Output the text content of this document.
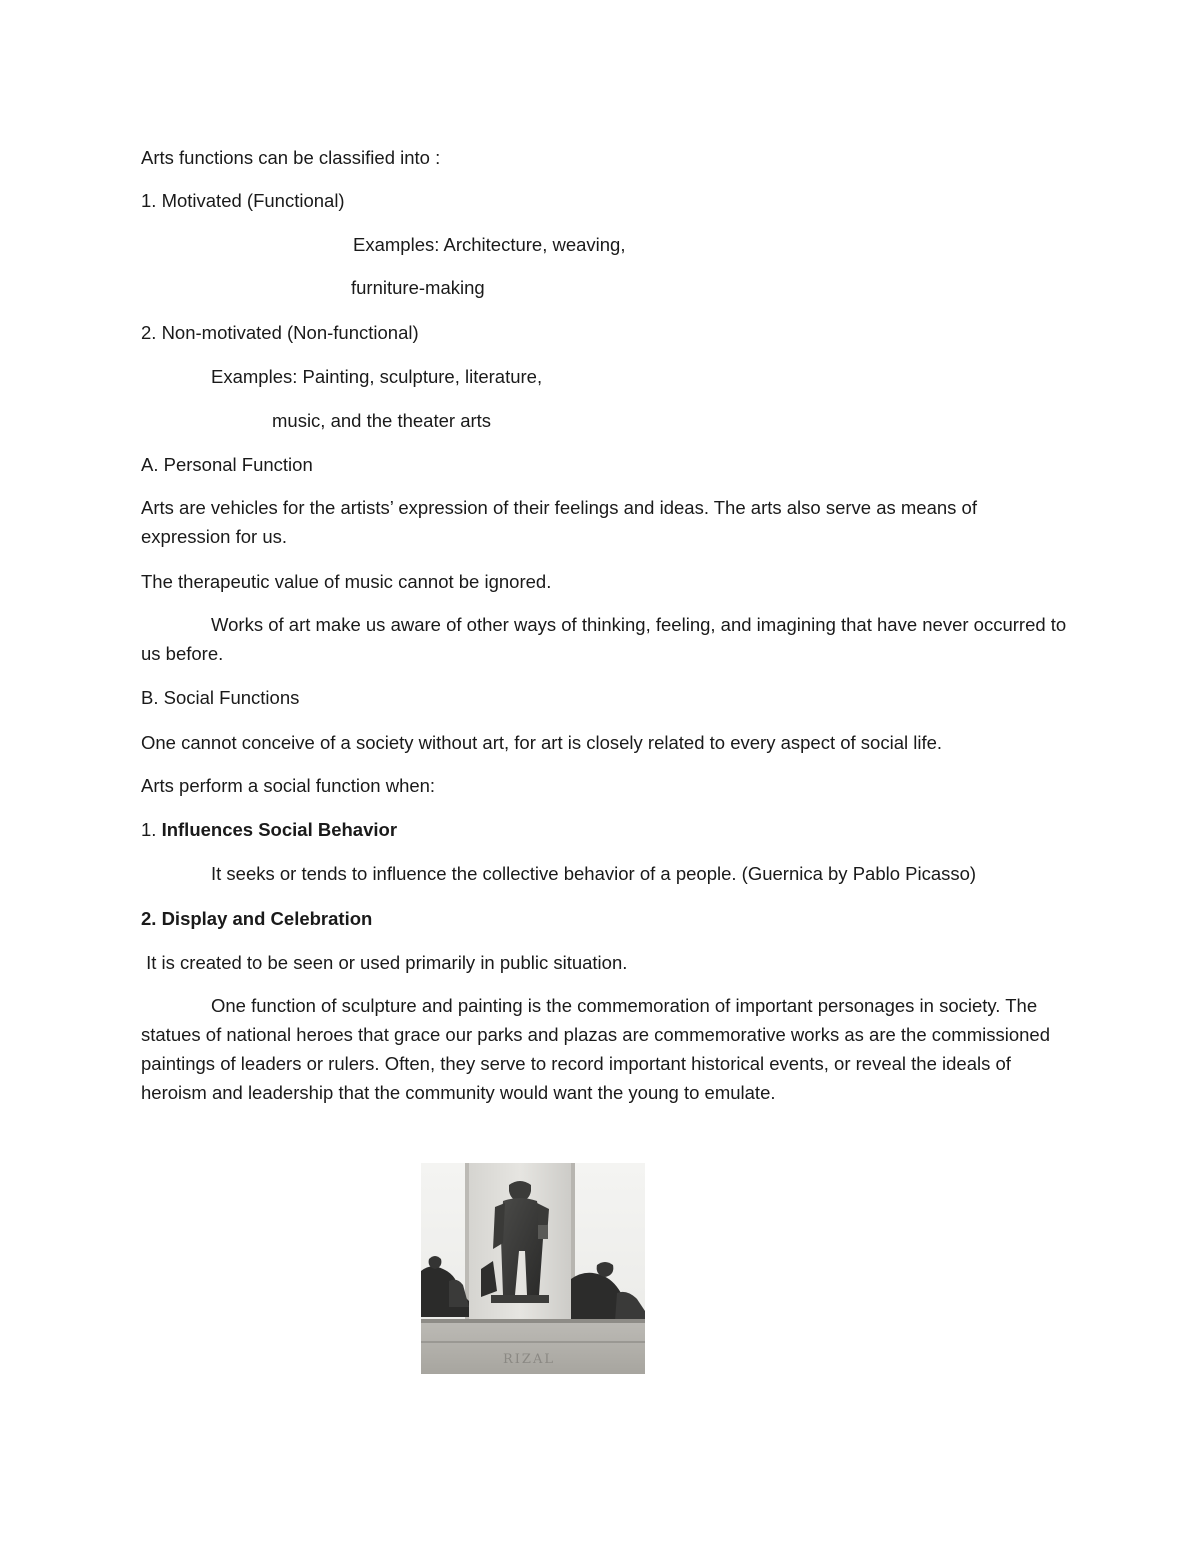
Arts functions can be classified into :

1. Motivated (Functional)

Examples: Architecture, weaving,

furniture-making

2. Non-motivated (Non-functional)

Examples: Painting, sculpture, literature,

music, and the theater arts

A. Personal Function

Arts are vehicles for the artists’ expression of their feelings and ideas. The arts also serve as means of expression for us.

The therapeutic value of music cannot be ignored.

Works of art make us aware of other ways of thinking, feeling, and imagining that have never occurred to us before.

B. Social Functions

One cannot conceive of a society without art, for art is closely related to every aspect of social life.

Arts perform a social function when:

1. Influences Social Behavior

It seeks or tends to influence the collective behavior of a people. (Guernica by Pablo Picasso)

2. Display and Celebration

It is created to be seen or used primarily in public situation.

One function of sculpture and painting is the commemoration of important personages in society. The statues of national heroes that grace our parks and plazas are commemorative works as are the commissioned paintings of leaders or rulers. Often, they serve to record important historical events, or reveal the ideals of heroism and leadership that the community would want the young to emulate.

RIZAL
